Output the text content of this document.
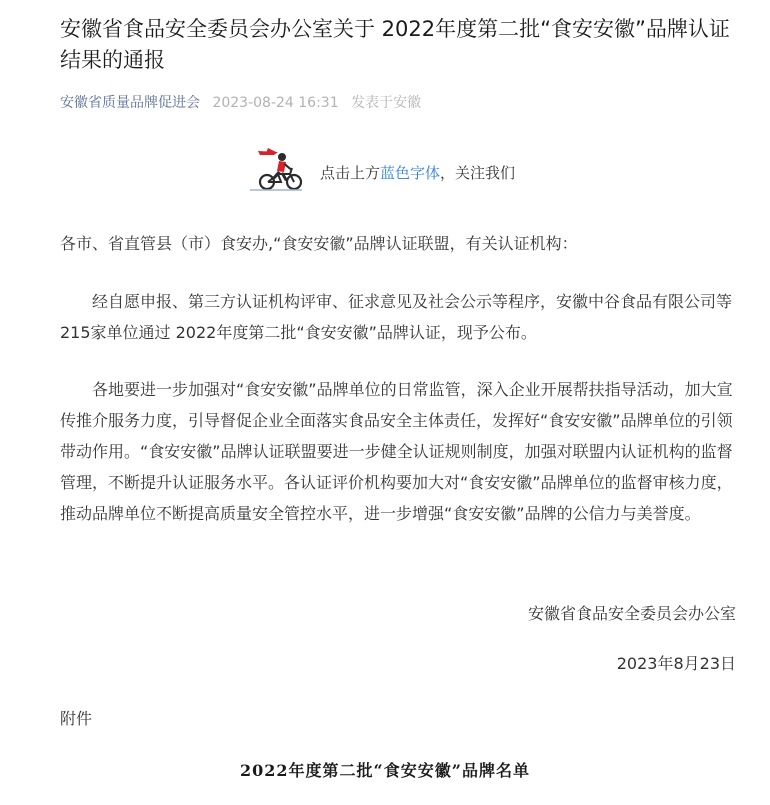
安徽省食品安全委员会办公室关于 2022年度第二批“食安安徽”品牌认证结果的通报
安徽省质量品牌促进会 2023-08-24 16:31 发表于安徽
点击上方蓝色字体，关注我们

各市、省直管县（市）食安办,“食安安徽”品牌认证联盟，有关认证机构：

经自愿申报、第三方认证机构评审、征求意见及社会公示等程序，安徽中谷食品有限公司等 215家单位通过 2022年度第二批“食安安徽”品牌认证，现予公布。

各地要进一步加强对“食安安徽”品牌单位的日常监管，深入企业开展帮扶指导活动，加大宣传推介服务力度，引导督促企业全面落实食品安全主体责任，发挥好“食安安徽”品牌单位的引领带动作用。“食安安徽”品牌认证联盟要进一步健全认证规则制度，加强对联盟内认证机构的监督管理，不断提升认证服务水平。各认证评价机构要加大对“食安安徽”品牌单位的监督审核力度，推动品牌单位不断提高质量安全管控水平，进一步增强“食安安徽”品牌的公信力与美誉度。

安徽省食品安全委员会办公室
2023年8月23日
附件
2022年度第二批“食安安徽”品牌名单
